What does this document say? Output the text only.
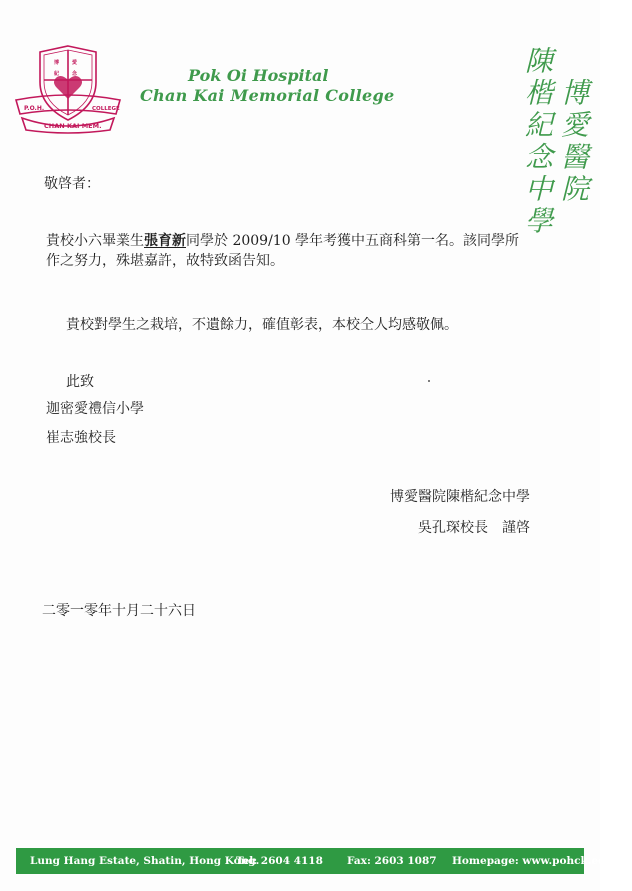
博	愛
紀	念
P.O.H.	COLLEGE
CHAN KAI MEM.
Pok Oi Hospital
Chan Kai Memorial College	陳楷紀念中學 博愛醫院
敬啓者：
貴校小六畢業生張育新同學於 2009/10 學年考獲中五商科第一名。該同學所
作之努力，殊堪嘉許，故特致函告知。
貴校對學生之栽培，不遺餘力，確值彰表，本校仝人均感敬佩。
此致
迦密愛禮信小學
崔志強校長
博愛醫院陳楷紀念中學
吳孔琛校長　謹啓
二零一零年十月二十六日
Lung Hang Estate, Shatin, Hong Kong.
Tel: 2604 4118 Fax: 2603 1087 Homepage: www.pohck.edu.hk
